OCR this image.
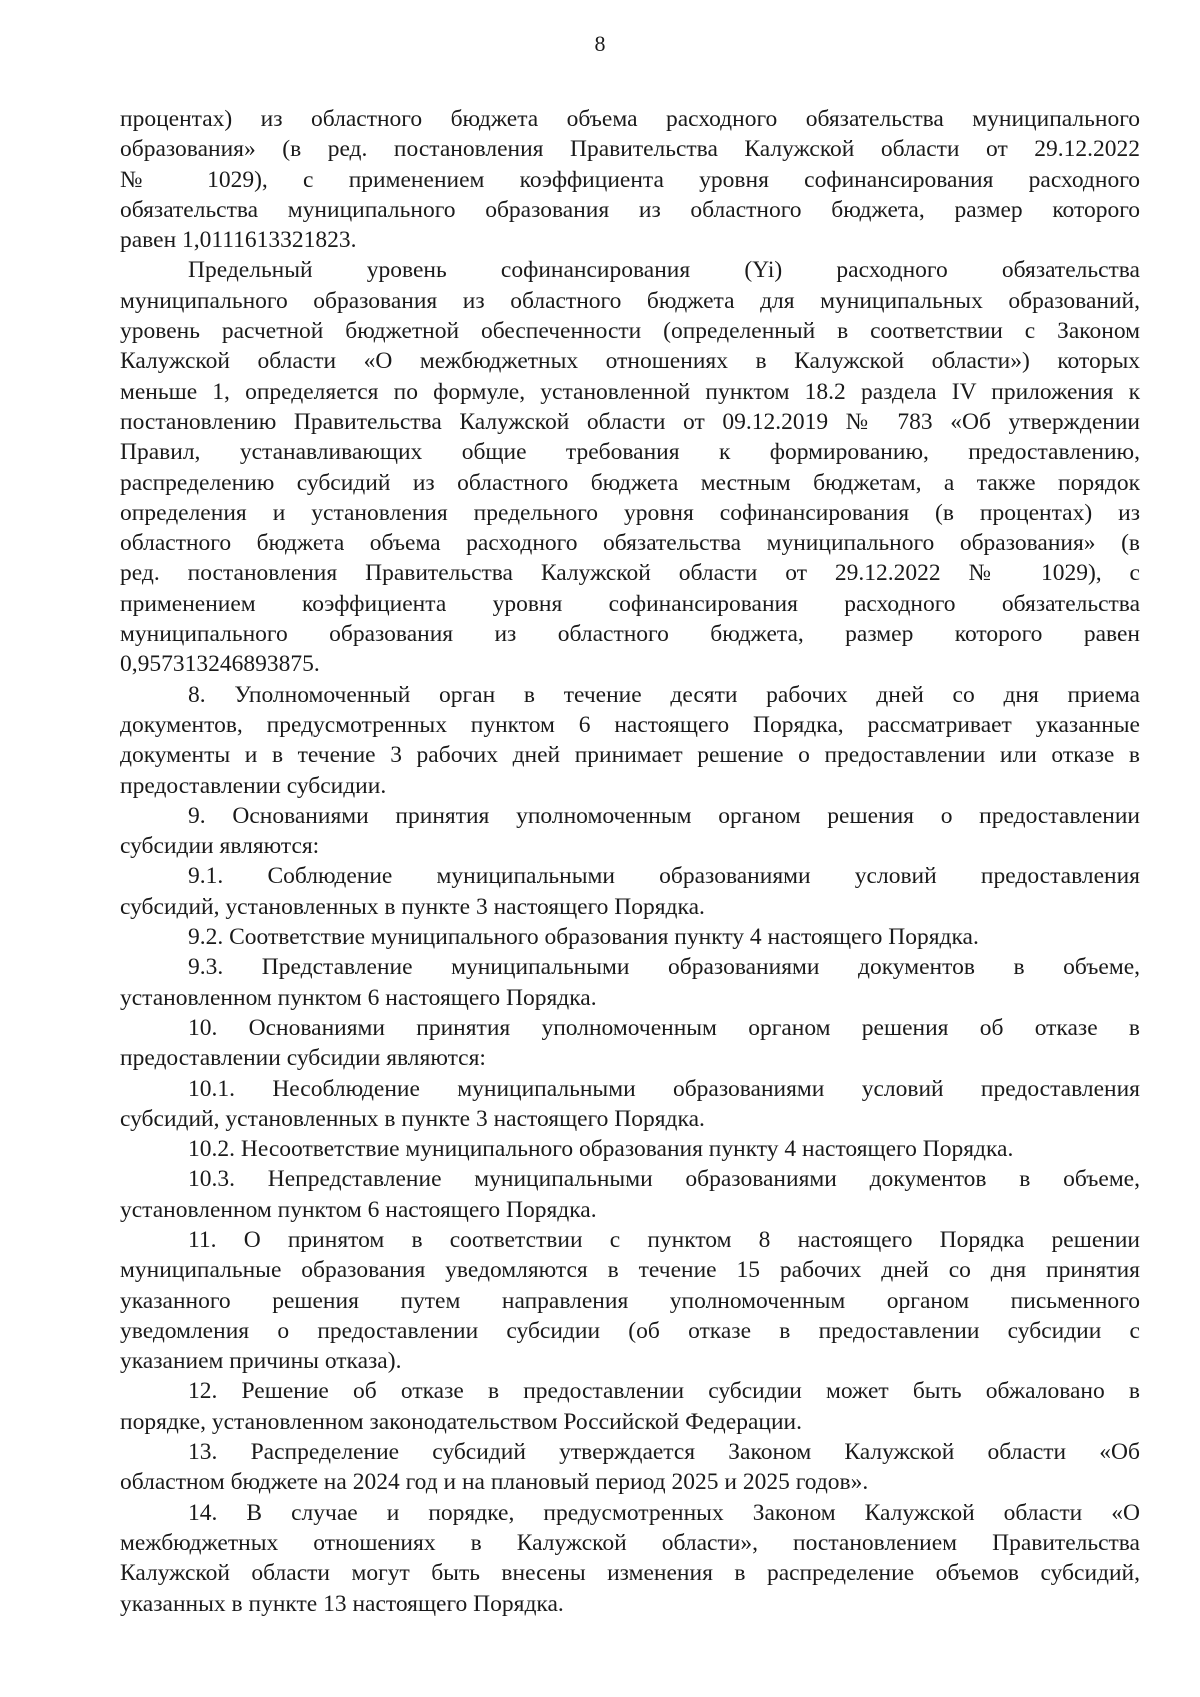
8
процентах) из областного бюджета объема расходного обязательства муниципального
образования» (в ред. постановления Правительства Калужской области от 29.12.2022
№ 1029), с применением коэффициента уровня софинансирования расходного
обязательства муниципального образования из областного бюджета, размер которого
равен 1,0111613321823.
Предельный уровень софинансирования (Yi) расходного обязательства
муниципального образования из областного бюджета для муниципальных образований,
уровень расчетной бюджетной обеспеченности (определенный в соответствии с Законом
Калужской области «О межбюджетных отношениях в Калужской области») которых
меньше 1, определяется по формуле, установленной пунктом 18.2 раздела IV приложения к
постановлению Правительства Калужской области от 09.12.2019 № 783 «Об утверждении
Правил, устанавливающих общие требования к формированию, предоставлению,
распределению субсидий из областного бюджета местным бюджетам, а также порядок
определения и установления предельного уровня софинансирования (в процентах) из
областного бюджета объема расходного обязательства муниципального образования» (в
ред. постановления Правительства Калужской области от 29.12.2022 № 1029), с
применением коэффициента уровня софинансирования расходного обязательства
муниципального образования из областного бюджета, размер которого равен
0,957313246893875.
8. Уполномоченный орган в течение десяти рабочих дней со дня приема
документов, предусмотренных пунктом 6 настоящего Порядка, рассматривает указанные
документы и в течение 3 рабочих дней принимает решение о предоставлении или отказе в
предоставлении субсидии.
9. Основаниями принятия уполномоченным органом решения о предоставлении
субсидии являются:
9.1. Соблюдение муниципальными образованиями условий предоставления
субсидий, установленных в пункте 3 настоящего Порядка.
9.2. Соответствие муниципального образования пункту 4 настоящего Порядка.
9.3. Представление муниципальными образованиями документов в объеме,
установленном пунктом 6 настоящего Порядка.
10. Основаниями принятия уполномоченным органом решения об отказе в
предоставлении субсидии являются:
10.1. Несоблюдение муниципальными образованиями условий предоставления
субсидий, установленных в пункте 3 настоящего Порядка.
10.2. Несоответствие муниципального образования пункту 4 настоящего Порядка.
10.3. Непредставление муниципальными образованиями документов в объеме,
установленном пунктом 6 настоящего Порядка.
11. О принятом в соответствии с пунктом 8 настоящего Порядка решении
муниципальные образования уведомляются в течение 15 рабочих дней со дня принятия
указанного решения путем направления уполномоченным органом письменного
уведомления о предоставлении субсидии (об отказе в предоставлении субсидии с
указанием причины отказа).
12. Решение об отказе в предоставлении субсидии может быть обжаловано в
порядке, установленном законодательством Российской Федерации.
13. Распределение субсидий утверждается Законом Калужской области «Об
областном бюджете на 2024 год и на плановый период 2025 и 2025 годов».
14. В случае и порядке, предусмотренных Законом Калужской области «О
межбюджетных отношениях в Калужской области», постановлением Правительства
Калужской области могут быть внесены изменения в распределение объемов субсидий,
указанных в пункте 13 настоящего Порядка.
